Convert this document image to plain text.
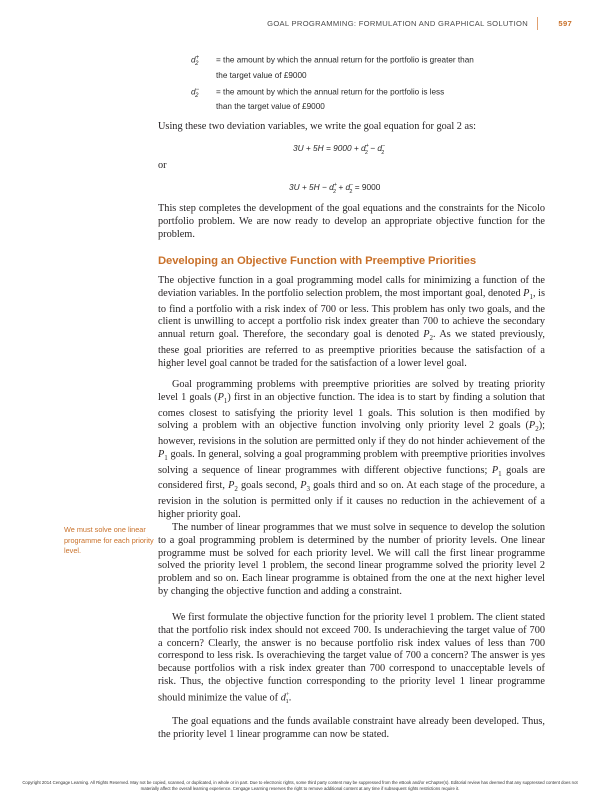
GOAL PROGRAMMING: FORMULATION AND GRAPHICAL SOLUTION	597
$d^+_2$ = the amount by which the annual return for the portfolio is greater than
the target value of £9000
$d^-_2$ = the amount by which the annual return for the portfolio is less
than the target value of £9000

Using these two deviation variables, we write the goal equation for goal 2 as:

$3U + 5H = 9000 + d^+_2 - d^-_2$

or

$3U + 5H - d^+_2 + d^-_2 = 9000$

This step completes the development of the goal equations and the constraints for the Nicolo portfolio problem. We are now ready to develop an appropriate objective function for the problem.

Developing an Objective Function with Preemptive Priorities

The objective function in a goal programming model calls for minimizing a function of the deviation variables. In the portfolio selection problem, the most important goal, denoted $P_1$, is to find a portfolio with a risk index of 700 or less. This problem has only two goals, and the client is unwilling to accept a portfolio risk index greater than 700 to achieve the secondary annual return goal. Therefore, the secondary goal is denoted $P_2$. As we stated previously, these goal priorities are referred to as preemptive priorities because the satisfaction of a higher level goal cannot be traded for the satisfaction of a lower level goal.

Goal programming problems with preemptive priorities are solved by treating priority level 1 goals $(P_1)$ first in an objective function. The idea is to start by finding a solution that comes closest to satisfying the priority level 1 goals. This solution is then modified by solving a problem with an objective function involving only priority level 2 goals $(P_2)$; however, revisions in the solution are permitted only if they do not hinder achievement of the $P_1$ goals. In general, solving a goal programming problem with preemptive priorities involves solving a sequence of linear programmes with different objective functions; $P_1$ goals are considered first, $P_2$ goals second, $P_3$ goals third and so on. At each stage of the procedure, a revision in the solution is permitted only if it causes no reduction in the achievement of a higher priority goal.

We must solve one linear programme for each priority level.

The number of linear programmes that we must solve in sequence to develop the solution to a goal programming problem is determined by the number of priority levels. One linear programme must be solved for each priority level. We will call the first linear programme solved the priority level 1 problem, the second linear programme solved the priority level 2 problem and so on. Each linear programme is obtained from the one at the next higher level by changing the objective function and adding a constraint.

We first formulate the objective function for the priority level 1 problem. The client stated that the portfolio risk index should not exceed 700. Is underachieving the target value of 700 a concern? Clearly, the answer is no because portfolio risk index values of less than 700 correspond to less risk. Is overachieving the target value of 700 a concern? The answer is yes because portfolios with a risk index greater than 700 correspond to unacceptable levels of risk. Thus, the objective function corresponding to the priority level 1 linear programme should minimize the value of $d^+_1$.

The goal equations and the funds available constraint have already been developed. Thus, the priority level 1 linear programme can now be stated.

Copyright 2014 Cengage Learning. All Rights Reserved. May not be copied, scanned, or duplicated, in whole or in part. Due to electronic rights, some third party content may be suppressed from the eBook and/or eChapter(s). Editorial review has deemed that any suppressed content does not materially affect the overall learning experience. Cengage Learning reserves the right to remove additional content at any time if subsequent rights restrictions require it.
